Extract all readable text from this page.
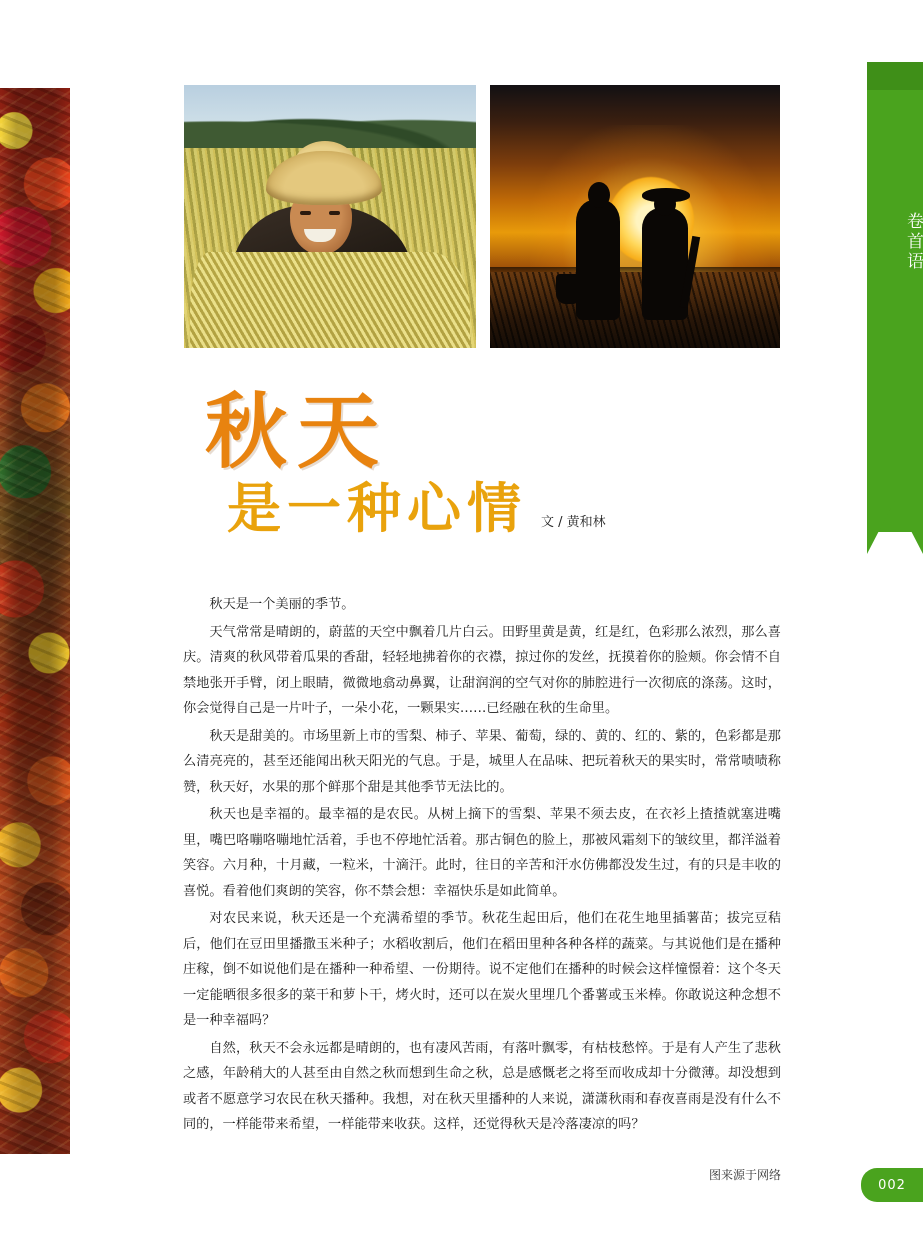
卷首语
秋天
是一种心情 文 / 黄和林

秋天是一个美丽的季节。

天气常常是晴朗的，蔚蓝的天空中飘着几片白云。田野里黄是黄，红是红，色彩那么浓烈，那么喜庆。清爽的秋风带着瓜果的香甜，轻轻地拂着你的衣襟，掠过你的发丝，抚摸着你的脸颊。你会情不自禁地张开手臂，闭上眼睛，微微地翕动鼻翼，让甜润润的空气对你的肺腔进行一次彻底的涤荡。这时，你会觉得自己是一片叶子，一朵小花，一颗果实……已经融在秋的生命里。

秋天是甜美的。市场里新上市的雪梨、柿子、苹果、葡萄，绿的、黄的、红的、紫的，色彩都是那么清亮亮的，甚至还能闻出秋天阳光的气息。于是，城里人在品味、把玩着秋天的果实时，常常啧啧称赞，秋天好，水果的那个鲜那个甜是其他季节无法比的。

秋天也是幸福的。最幸福的是农民。从树上摘下的雪梨、苹果不须去皮，在衣衫上揸揸就塞进嘴里，嘴巴咯嘣咯嘣地忙活着，手也不停地忙活着。那古铜色的脸上，那被风霜刻下的皱纹里，都洋溢着笑容。六月种，十月藏，一粒米，十滴汗。此时，往日的辛苦和汗水仿佛都没发生过，有的只是丰收的喜悦。看着他们爽朗的笑容，你不禁会想：幸福快乐是如此简单。

对农民来说，秋天还是一个充满希望的季节。秋花生起田后，他们在花生地里插薯苗；拔完豆秸后，他们在豆田里播撒玉米种子；水稻收割后，他们在稻田里种各种各样的蔬菜。与其说他们是在播种庄稼，倒不如说他们是在播种一种希望、一份期待。说不定他们在播种的时候会这样憧憬着：这个冬天一定能晒很多很多的菜干和萝卜干，烤火时，还可以在炭火里埋几个番薯或玉米棒。你敢说这种念想不是一种幸福吗？

自然，秋天不会永远都是晴朗的，也有凄风苦雨，有落叶飘零，有枯枝愁悴。于是有人产生了悲秋之感，年龄稍大的人甚至由自然之秋而想到生命之秋，总是感慨老之将至而收成却十分微薄。却没想到或者不愿意学习农民在秋天播种。我想，对在秋天里播种的人来说，潇潇秋雨和春夜喜雨是没有什么不同的，一样能带来希望，一样能带来收获。这样，还觉得秋天是冷落凄凉的吗？

图来源于网络
002
